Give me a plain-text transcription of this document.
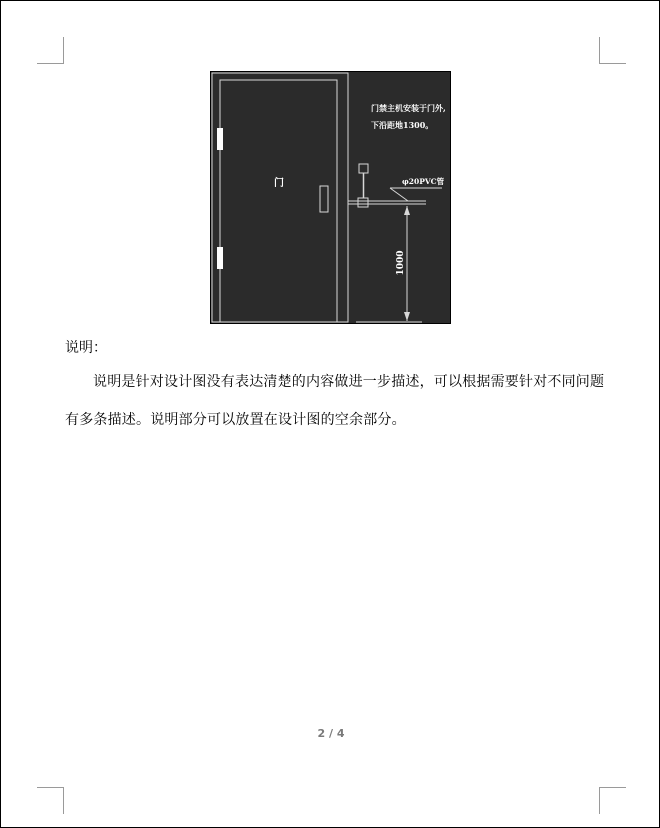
门	φ20PVC管
门禁主机安装于门外,
下沿距地1300。
1000

说明：

说明是针对设计图没有表达清楚的内容做进一步描述，可以根据需要针对不同问题有多条描述。说明部分可以放置在设计图的空余部分。

2 / 4
